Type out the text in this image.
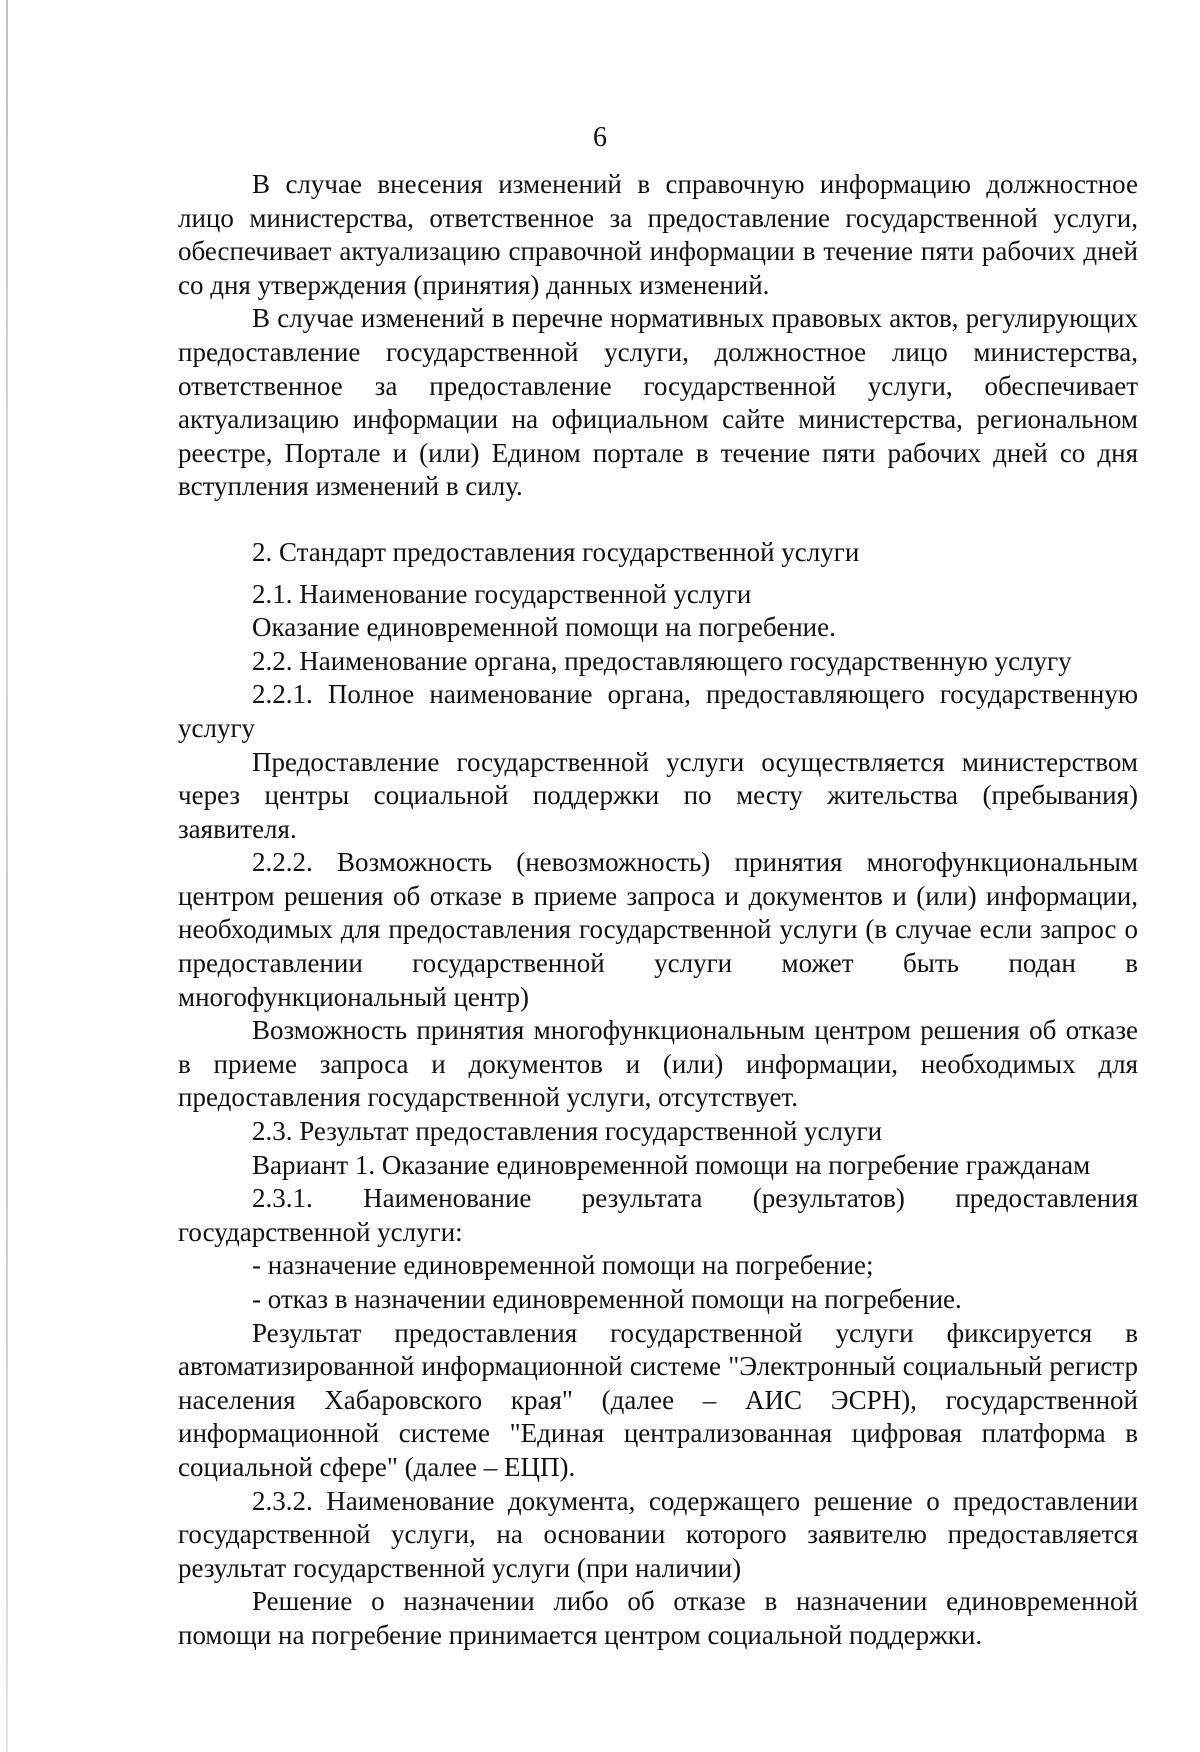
6

В случае внесения изменений в справочную информацию должностное лицо министерства, ответственное за предоставление государственной услуги, обеспечивает актуализацию справочной информации в течение пяти рабочих дней со дня утверждения (принятия) данных изменений.

В случае изменений в перечне нормативных правовых актов, регулирующих предоставление государственной услуги, должностное лицо министерства, ответственное за предоставление государственной услуги, обеспечивает актуализацию информации на официальном сайте министерства, региональном реестре, Портале и (или) Едином портале в течение пяти рабочих дней со дня вступления изменений в силу.

2. Стандарт предоставления государственной услуги

2.1. Наименование государственной услуги

Оказание единовременной помощи на погребение.

2.2. Наименование органа, предоставляющего государственную услугу

2.2.1. Полное наименование органа, предоставляющего государственную услугу

Предоставление государственной услуги осуществляется министерством через центры социальной поддержки по месту жительства (пребывания) заявителя.

2.2.2. Возможность (невозможность) принятия многофункциональным центром решения об отказе в приеме запроса и документов и (или) информации, необходимых для предоставления государственной услуги (в случае если запрос о предоставлении государственной услуги может быть подан в многофункциональный центр)

Возможность принятия многофункциональным центром решения об отказе в приеме запроса и документов и (или) информации, необходимых для предоставления государственной услуги, отсутствует.

2.3. Результат предоставления государственной услуги

Вариант 1. Оказание единовременной помощи на погребение гражданам

2.3.1. Наименование результата (результатов) предоставления государственной услуги:

- назначение единовременной помощи на погребение;

- отказ в назначении единовременной помощи на погребение.

Результат предоставления государственной услуги фиксируется в автоматизированной информационной системе "Электронный социальный регистр населения Хабаровского края" (далее – АИС ЭСРН), государственной информационной системе "Единая централизованная цифровая платформа в социальной сфере" (далее – ЕЦП).

2.3.2. Наименование документа, содержащего решение о предоставлении государственной услуги, на основании которого заявителю предоставляется результат государственной услуги (при наличии)

Решение о назначении либо об отказе в назначении единовременной помощи на погребение принимается центром социальной поддержки.
